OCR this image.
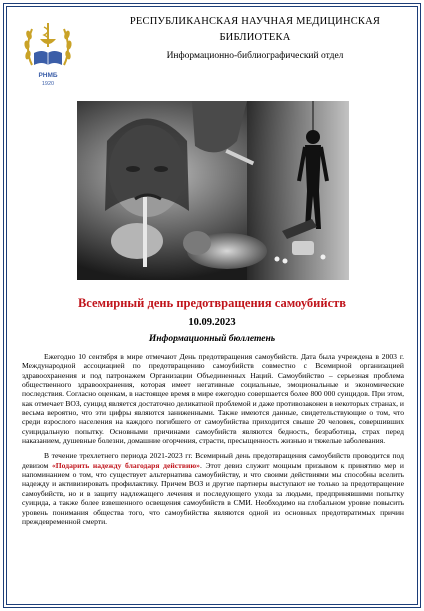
РНМБ
1920
РЕСПУБЛИКАНСКАЯ НАУЧНАЯ МЕДИЦИНСКАЯ
БИБЛИОТЕКА
Информационно-библиографический отдел
Всемирный день предотвращения самоубийств
10.09.2023
Информационный бюллетень

Ежегодно 10 сентября в мире отмечают День предотвращения самоубийств. Дата была учреждена в 2003 г. Международной ассоциацией по предотвращению самоубийств совместно с Всемирной организацией здравоохранения и под патронажем Организации Объединенных Наций. Самоубийство – серьезная проблема общественного здравоохранения, которая имеет негативные социальные, эмоциональные и экономические последствия. Согласно оценкам, в настоящее время в мире ежегодно совершается более 800 000 суицидов. При этом, как отмечает ВОЗ, суицид является достаточно деликатной проблемой и даже противозаконен в некоторых странах, и весьма вероятно, что эти цифры являются заниженными. Также имеются данные, свидетельствующие о том, что среди взрослого населения на каждого погибшего от самоубийства приходится свыше 20 человек, совершивших суицидальную попытку. Основными причинами самоубийств являются бедность, безработица, страх перед наказанием, душевные болезни, домашние огорчения, страсти, пресыщенность жизнью и тяжелые заболевания.

В течение трехлетнего периода 2021-2023 гг. Всемирный день предотвращения самоубийств проводится под девизом «Подарить надежду благодаря действию». Этот девиз служит мощным призывом к принятию мер и напоминанием о том, что существует альтернатива самоубийству, и что своими действиями мы способны вселить надежду и активизировать профилактику. Причем ВОЗ и другие партнеры выступают не только за предотвращение самоубийств, но и в защиту надлежащего лечения и последующего ухода за людьми, предпринявшими попытку суицида, а также более взвешенного освещения самоубийств в СМИ. Необходимо на глобальном уровне повысить уровень понимания общества того, что самоубийства являются одной из основных предотвратимых причин преждевременной смерти.
